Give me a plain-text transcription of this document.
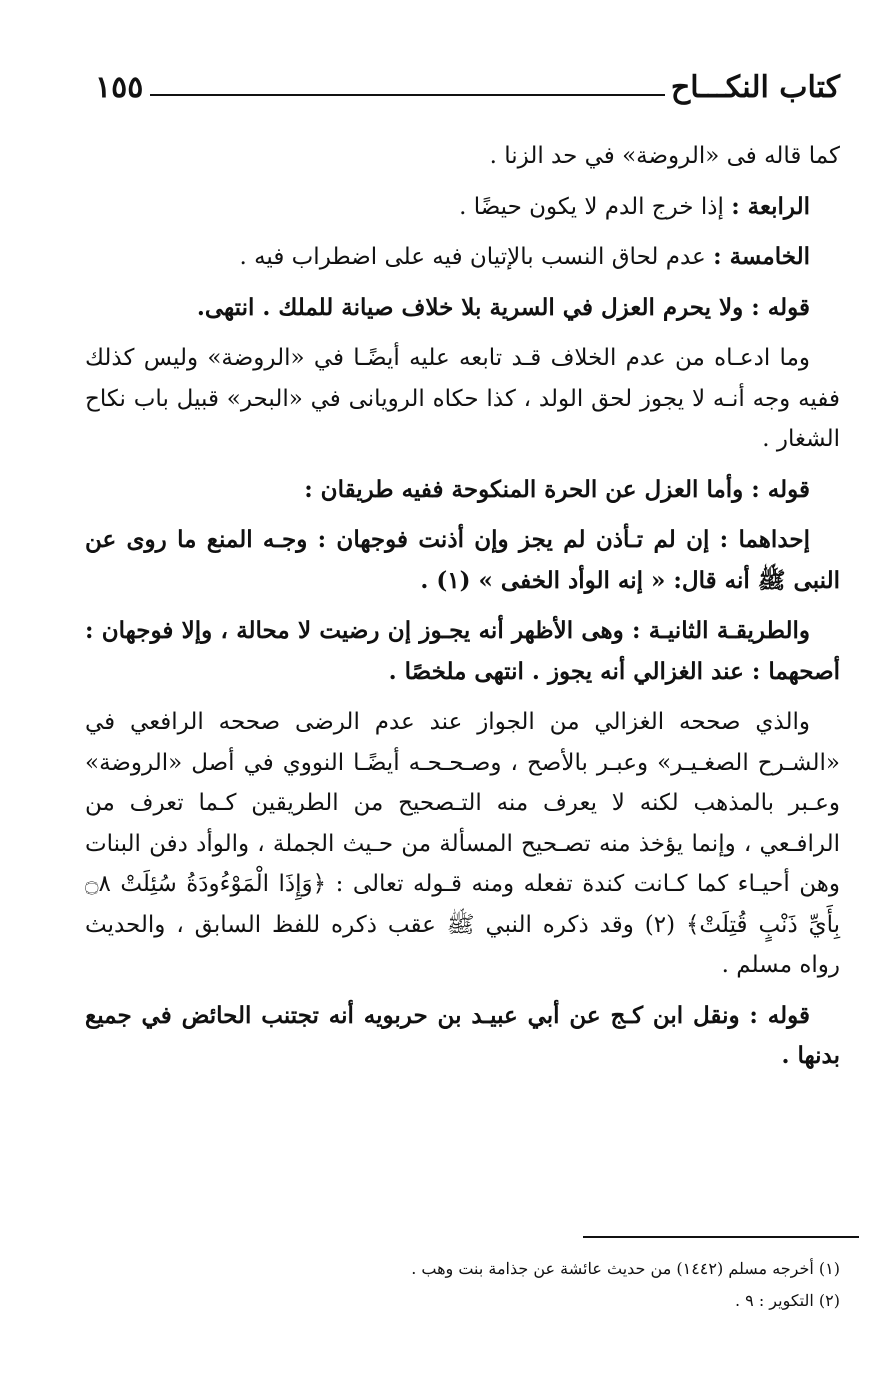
كتاب النكـــاح
١٥٥

كما قاله فى «الروضة» في حد الزنا .

الرابعة : إذا خرج الدم لا يكون حيضًا .

الخامسة : عدم لحاق النسب بالإتيان فيه على اضطراب فيه .

قوله : ولا يحرم العزل في السرية بلا خلاف صيانة للملك . انتهى.

وما ادعـاه من عدم الخلاف قـد تابعه عليه أيضًـا في «الروضة» وليس كذلك ففيه وجه أنـه لا يجوز لحق الولد ، كذا حكاه الرويانى في «البحر» قبيل باب نكاح الشغار .

قوله : وأما العزل عن الحرة المنكوحة ففيه طريقان :

إحداهما : إن لم تـأذن لم يجز وإن أذنت فوجهان : وجـه المنع ما روى عن النبى ﷺ أنه قال: « إنه الوأد الخفى » (١) .

والطريقـة الثانيـة : وهى الأظهر أنه يجـوز إن رضيت لا محالة ، وإلا فوجهان : أصحهما : عند الغزالي أنه يجوز . انتهى ملخصًا .

والذي صححه الغزالي من الجواز عند عدم الرضى صححه الرافعي في «الشـرح الصغـيـر» وعبـر بالأصح ، وصـحـحـه أيضًـا النووي في أصل «الروضة» وعـبر بالمذهب لكنه لا يعرف منه التـصحيح من الطريقين كـما تعرف من الرافـعي ، وإنما يؤخذ منه تصـحيح المسألة من حـيث الجملة ، والوأد دفن البنات وهن أحيـاء كما كـانت كندة تفعله ومنه قـوله تعالى : ﴿وَإِذَا الْمَوْءُودَةُ سُئِلَتْ ۝٨ بِأَيِّ ذَنْبٍ قُتِلَتْ﴾ (٢) وقد ذكره النبي ﷺ عقب ذكره للفظ السابق ، والحديث رواه مسلم .

قوله : ونقل ابن كـج عن أبي عبيـد بن حربويه أنه تجتنب الحائض في جميع بدنها .

(١) أخرجه مسلم (١٤٤٢) من حديث عائشة عن جذامة بنت وهب .
(٢) التكوير : ٩ .
